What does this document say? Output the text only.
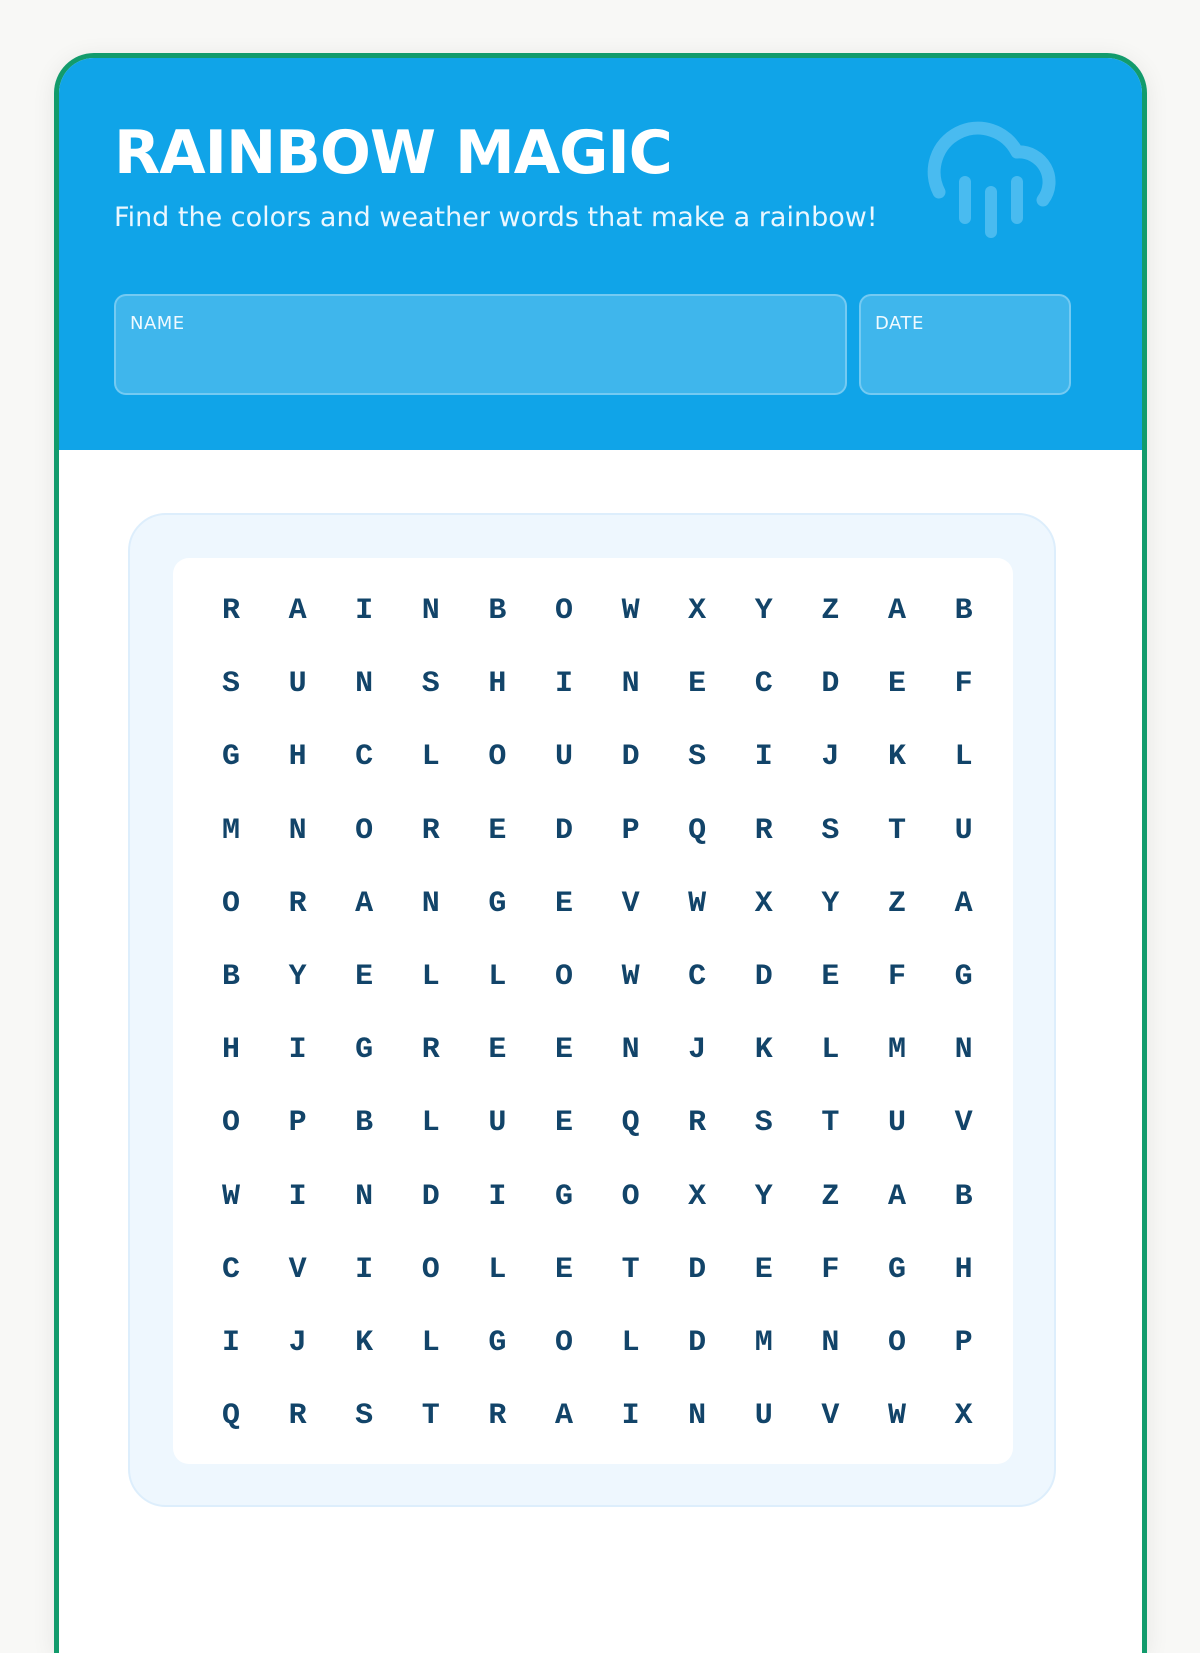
RAINBOW MAGIC
Find the colors and weather words that make a rainbow!
NAME	DATE
R	A	I	N	B	O	W	X	Y	Z	A	B
S	U	N	S	H	I	N	E	C	D	E	F
G	H	C	L	O	U	D	S	I	J	K	L
M	N	O	R	E	D	P	Q	R	S	T	U
O	R	A	N	G	E	V	W	X	Y	Z	A
B	Y	E	L	L	O	W	C	D	E	F	G
H	I	G	R	E	E	N	J	K	L	M	N
O	P	B	L	U	E	Q	R	S	T	U	V
W	I	N	D	I	G	O	X	Y	Z	A	B
C	V	I	O	L	E	T	D	E	F	G	H
I	J	K	L	G	O	L	D	M	N	O	P
Q	R	S	T	R	A	I	N	U	V	W	X
